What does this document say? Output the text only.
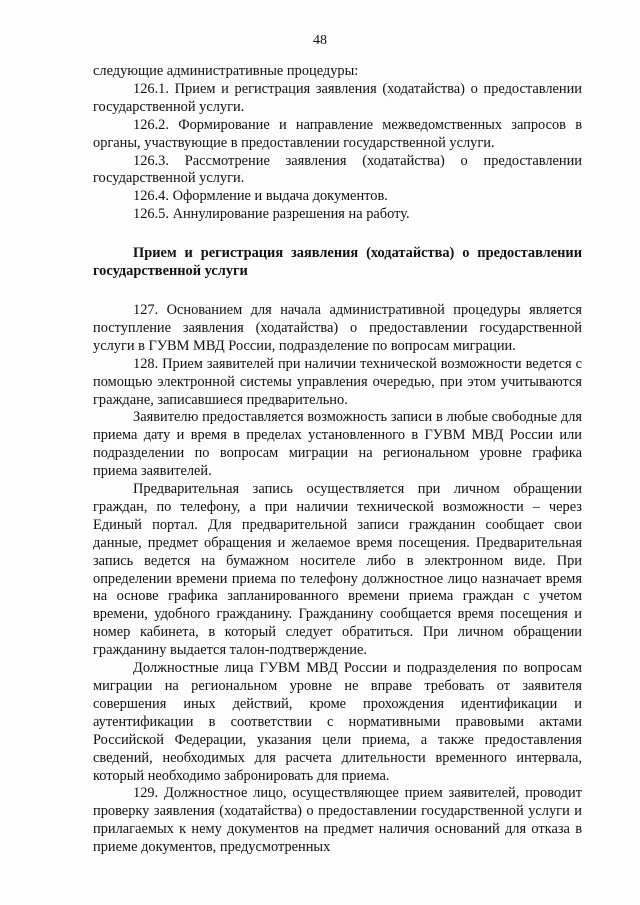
48

следующие административные процедуры:

126.1. Прием и регистрация заявления (ходатайства) о предоставлении государственной услуги.

126.2. Формирование и направление межведомственных запросов в органы, участвующие в предоставлении государственной услуги.

126.3. Рассмотрение заявления (ходатайства) о предоставлении государственной услуги.

126.4. Оформление и выдача документов.

126.5. Аннулирование разрешения на работу.

Прием и регистрация заявления (ходатайства) о предоставлении государственной услуги

127. Основанием для начала административной процедуры является поступление заявления (ходатайства) о предоставлении государственной услуги в ГУВМ МВД России, подразделение по вопросам миграции.

128. Прием заявителей при наличии технической возможности ведется с помощью электронной системы управления очередью, при этом учитываются граждане, записавшиеся предварительно.

Заявителю предоставляется возможность записи в любые свободные для приема дату и время в пределах установленного в ГУВМ МВД России или подразделении по вопросам миграции на региональном уровне графика приема заявителей.

Предварительная запись осуществляется при личном обращении граждан, по телефону, а при наличии технической возможности – через Единый портал. Для предварительной записи гражданин сообщает свои данные, предмет обращения и желаемое время посещения. Предварительная запись ведется на бумажном носителе либо в электронном виде. При определении времени приема по телефону должностное лицо назначает время на основе графика запланированного времени приема граждан с учетом времени, удобного гражданину. Гражданину сообщается время посещения и номер кабинета, в который следует обратиться. При личном обращении гражданину выдается талон-подтверждение.

Должностные лица ГУВМ МВД России и подразделения по вопросам миграции на региональном уровне не вправе требовать от заявителя совершения иных действий, кроме прохождения идентификации и аутентификации в соответствии с нормативными правовыми актами Российской Федерации, указания цели приема, а также предоставления сведений, необходимых для расчета длительности временного интервала, который необходимо забронировать для приема.

129. Должностное лицо, осуществляющее прием заявителей, проводит проверку заявления (ходатайства) о предоставлении государственной услуги и прилагаемых к нему документов на предмет наличия оснований для отказа в приеме документов, предусмотренных
